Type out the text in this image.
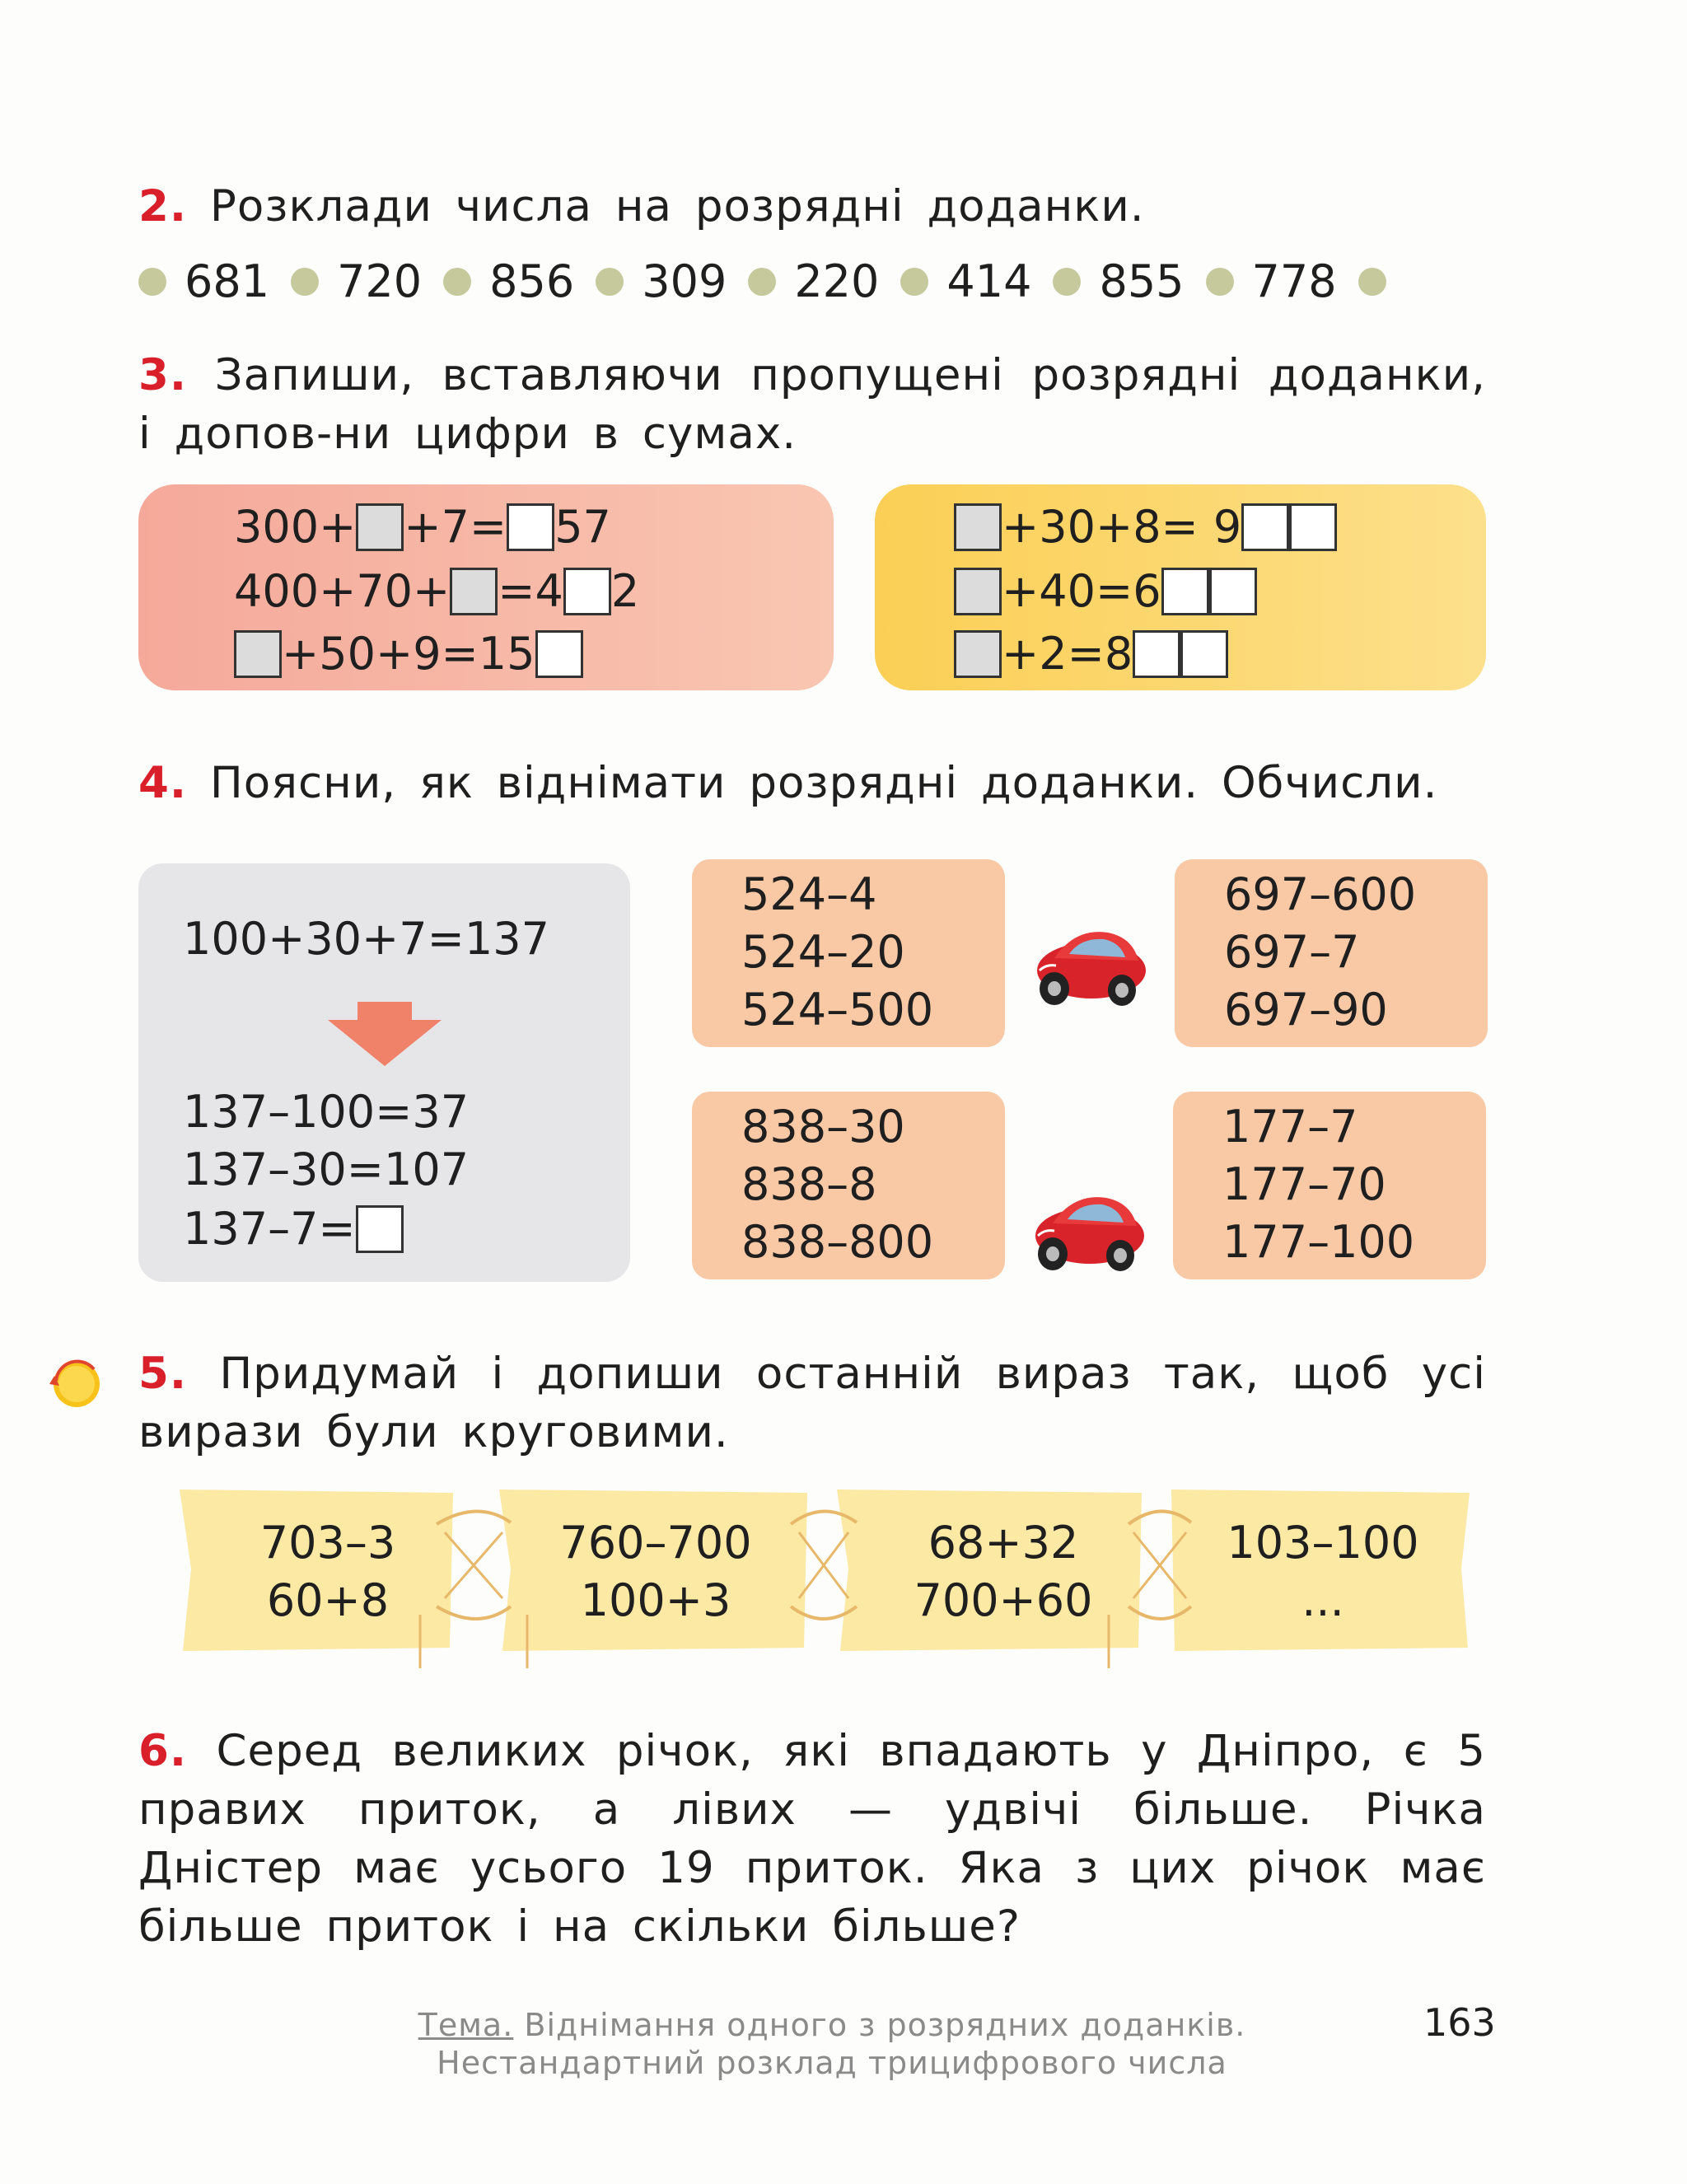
2. Розклади числа на розрядні доданки.
681 720 856 309 220 414 855 778
3. Запиши, вставляючи пропущені розрядні доданки, і допов-ни цифри в сумах.
300+ +7= 57
400+70+ =4 2
+50+9=15
+30+8= 9
+40=6
+2=8
4. Поясни, як віднімати розрядні доданки. Обчисли.
100+30+7=137
137–100=37
137–30=107
137–7=
524–4
524–20
524–500
697–600
697–7
697–90
838–30
838–8
838–800
177–7
177–70
177–100
5. Придумай і допиши останній вираз так, щоб усі вирази були круговими.
703–3
60+8
760–700
100+3
68+32
700+60
103–100
...
6. Серед великих річок, які впадають у Дніпро, є 5 правих приток, а лівих — удвічі більше. Річка Дністер має усього 19 приток. Яка з цих річок має більше приток і на скільки більше?
Тема. Віднімання одного з розрядних доданків.
Нестандартний розклад трицифрового числа
163
